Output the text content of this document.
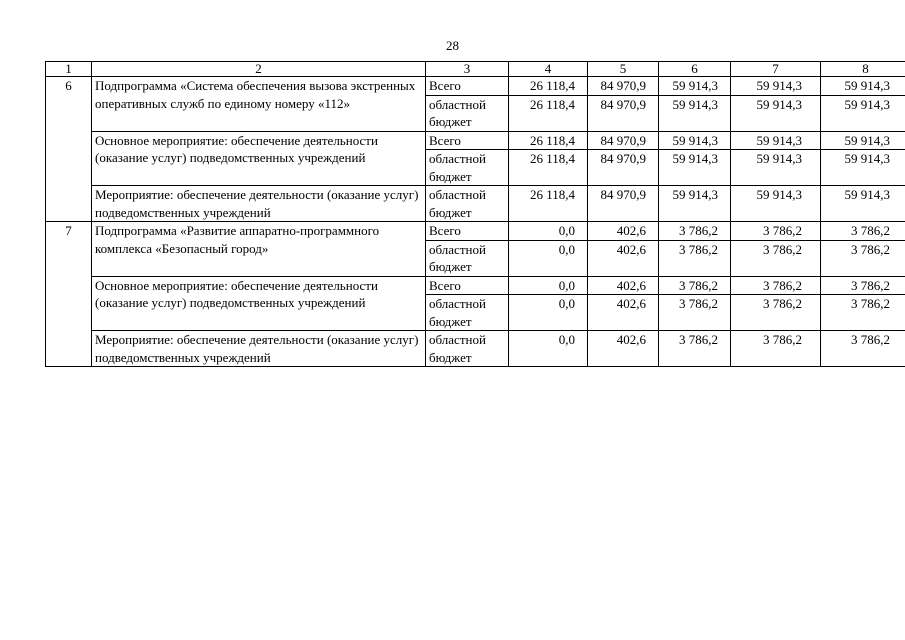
28
1	2	3	4	5	6	7	8
6	Подпрограмма «Система обеспечения вызова экстренных оперативных служб по единому номеру «112»	Всего	26 118,4	84 970,9	59 914,3	59 914,3	59 914,3
		областной бюджет	26 118,4	84 970,9	59 914,3	59 914,3	59 914,3
	Основное мероприятие: обеспечение деятельности (оказание услуг) подведомственных учреждений	Всего	26 118,4	84 970,9	59 914,3	59 914,3	59 914,3
		областной бюджет	26 118,4	84 970,9	59 914,3	59 914,3	59 914,3
	Мероприятие: обеспечение деятельности (оказание услуг) подведомственных учреждений	областной бюджет	26 118,4	84 970,9	59 914,3	59 914,3	59 914,3
7	Подпрограмма «Развитие аппаратно-программного комплекса «Безопасный город»	Всего	0,0	402,6	3 786,2	3 786,2	3 786,2
		областной бюджет	0,0	402,6	3 786,2	3 786,2	3 786,2
	Основное мероприятие: обеспечение деятельности (оказание услуг) подведомственных учреждений	Всего	0,0	402,6	3 786,2	3 786,2	3 786,2
		областной бюджет	0,0	402,6	3 786,2	3 786,2	3 786,2
	Мероприятие: обеспечение деятельности (оказание услуг) подведомственных учреждений	областной бюджет	0,0	402,6	3 786,2	3 786,2	3 786,2
